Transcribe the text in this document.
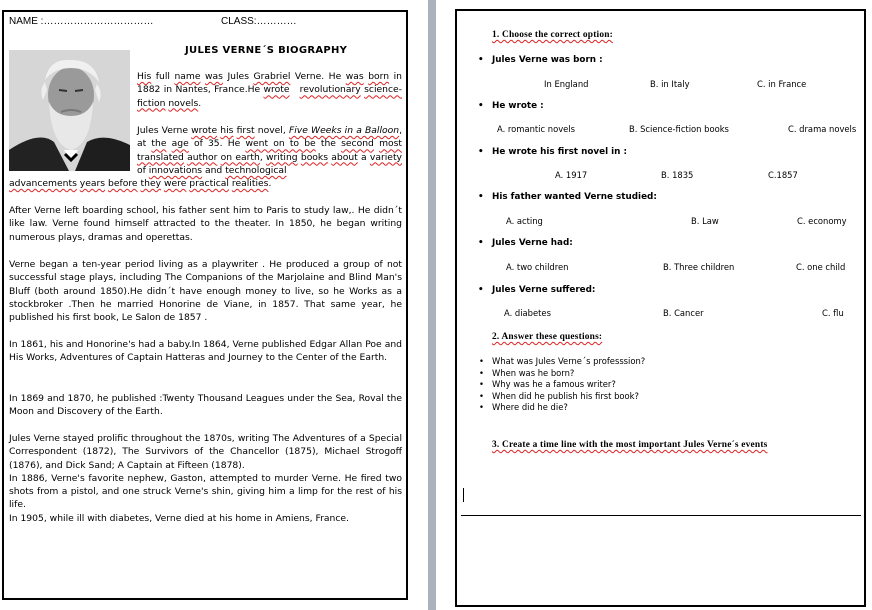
NAME :……………………………	CLASS:…………
JULES VERNE´S BIOGRAPHY
His full name was Jules Grabriel Verne. He was born in 1882 in Nantes, France.He wrote revolutionary science-fiction novels.
Jules Verne wrote his first novel, Five Weeks in a Balloon, at the age of 35. He went on to be the second most translated author on earth, writing books about a variety of innovations and technological
advancements years before they were practical realities.
After Verne left boarding school, his father sent him to Paris to study law,. He didn´t like law. Verne found himself attracted to the theater. In 1850, he began writing numerous plays, dramas and operettas.
Verne began a ten-year period living as a playwriter . He produced a group of not successful stage plays, including The Companions of the Marjolaine and Blind Man's Bluff (both around 1850).He didn´t have enough money to live, so he Works as a stockbroker .Then he married Honorine de Viane, in 1857. That same year, he published his first book, Le Salon de 1857 .
In 1861, his and Honorine's had a baby.In 1864, Verne published Edgar Allan Poe and His Works, Adventures of Captain Hatteras and Journey to the Center of the Earth.
In 1869 and 1870, he published :Twenty Thousand Leagues under the Sea, Roval the Moon and Discovery of the Earth.
Jules Verne stayed prolific throughout the 1870s, writing The Adventures of a Special Correspondent (1872), The Survivors of the Chancellor (1875), Michael Strogoff (1876), and Dick Sand; A Captain at Fifteen (1878).
In 1886, Verne's favorite nephew, Gaston, attempted to murder Verne. He fired two shots from a pistol, and one struck Verne's shin, giving him a limp for the rest of his life.
In 1905, while ill with diabetes, Verne died at his home in Amiens, France.
1. Choose the correct option:
• Jules Verne was born :
In England	B. in Italy	C. in France
• He wrote :
A. romantic novels	B. Science-fiction books	C. drama novels
• He wrote his first novel in :
A. 1917	B. 1835	C.1857
• His father wanted Verne studied:
A. acting	B. Law	C. economy
• Jules Verne had:
A. two children	B. Three children	C. one child
• Jules Verne suffered:
A. diabetes	B. Cancer	C. flu
2. Answer these questions:
• What was Jules Verne´s professsion?
• When was he born?
• Why was he a famous writer?
• When did he publish his first book?
• Where did he die?
3. Create a time line with the most important Jules Verne´s events
